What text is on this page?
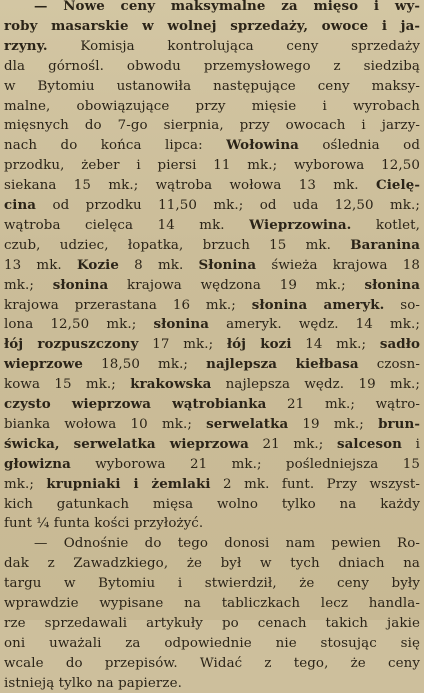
— Nowe ceny maksymalne za mięso i wy-
roby masarskie w wolnej sprzedaży, owoce i ja-
rzyny. Komisja kontrolująca ceny sprzedaży
dla górnośl. obwodu przemysłowego z siedzibą
w Bytomiu ustanowiła następujące ceny maksy-
malne, obowiązujące przy mięsie i wyrobach
mięsnych do 7-go sierpnia, przy owocach i jarzy-
nach do końca lipca: Wołowina ośledniа od
przodku, żeber i piersi 11 mk.; wyborowa 12,50
siekana 15 mk.; wątroba wołowa 13 mk. Cielę-
cina od przodku 11,50 mk.; od uda 12,50 mk.;
wątroba cielęca 14 mk. Wieprzowina. kotlet,
czub, udziec, łopatka, brzuch 15 mk. Baranina
13 mk. Kozie 8 mk. Słonina świeża krajowa 18
mk.; słonina krajowa wędzona 19 mk.; słonina
krajowa przerastana 16 mk.; słonina ameryk. so-
lona 12,50 mk.; słonina ameryk. wędz. 14 mk.;
łój rozpuszczony 17 mk.; łój kozi 14 mk.; sadło
wieprzowe 18,50 mk.; najlepsza kiełbasa czosn-
kowa 15 mk.; krakowska najlepsza wędz. 19 mk.;
czysto wieprzowa wątrobianka 21 mk.; wątro-
bianka wołowa 10 mk.; serwelatka 19 mk.; brun-
świcka, serwelatka wieprzowa 21 mk.; salceson i
głowizna wyborowa 21 mk.; pośledniejsza 15
mk.; krupniaki i żemlaki 2 mk. funt. Przy wszyst-
kich gatunkach mięsa wolno tylko na każdy
funt ¼ funta kości przyłożyć.
— Odnośnie do tego donosi nam pewien Ro-
dak z Zawadzkiego, że był w tych dniach na
targu w Bytomiu i stwierdził, że ceny były
wprawdzie wypisane na tabliczkach lecz handla-
rze sprzedawali artykuły po cenach takich jakie
oni uważali za odpowiednie nie stosując się
wcale do przepisów. Widać z tego, że ceny
istnieją tylko na papierze.
